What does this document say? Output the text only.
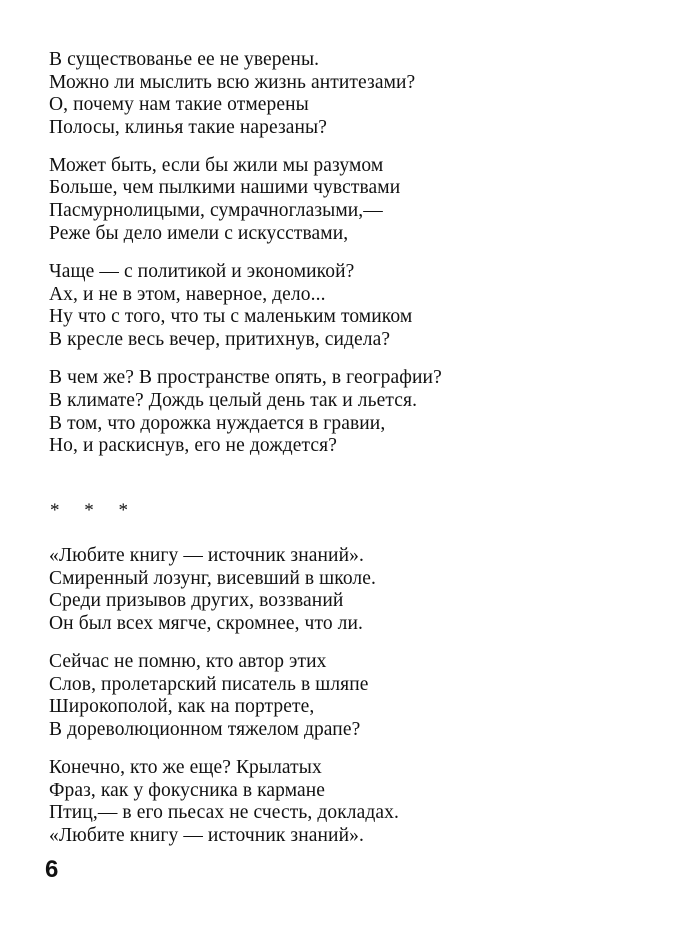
В существованье ее не уверены.
Можно ли мыслить всю жизнь антитезами?
О, почему нам такие отмерены
Полосы, клинья такие нарезаны?
Может быть, если бы жили мы разумом
Больше, чем пылкими нашими чувствами
Пасмурнолицыми, сумрачноглазыми,—
Реже бы дело имели с искусствами,
Чаще — с политикой и экономикой?
Ах, и не в этом, наверное, дело...
Ну что с того, что ты с маленьким томиком
В кресле весь вечер, притихнув, сидела?
В чем же? В пространстве опять, в географии?
В климате? Дождь целый день так и льется.
В том, что дорожка нуждается в гравии,
Но, и раскиснув, его не дождется?
* * *
«Любите книгу — источник знаний».
Смиренный лозунг, висевший в школе.
Среди призывов других, воззваний
Он был всех мягче, скромнее, что ли.
Сейчас не помню, кто автор этих
Слов, пролетарский писатель в шляпе
Широкополой, как на портрете,
В дореволюционном тяжелом драпе?
Конечно, кто же еще? Крылатых
Фраз, как у фокусника в кармане
Птиц,— в его пьесах не счесть, докладах.
«Любите книгу — источник знаний».
6
